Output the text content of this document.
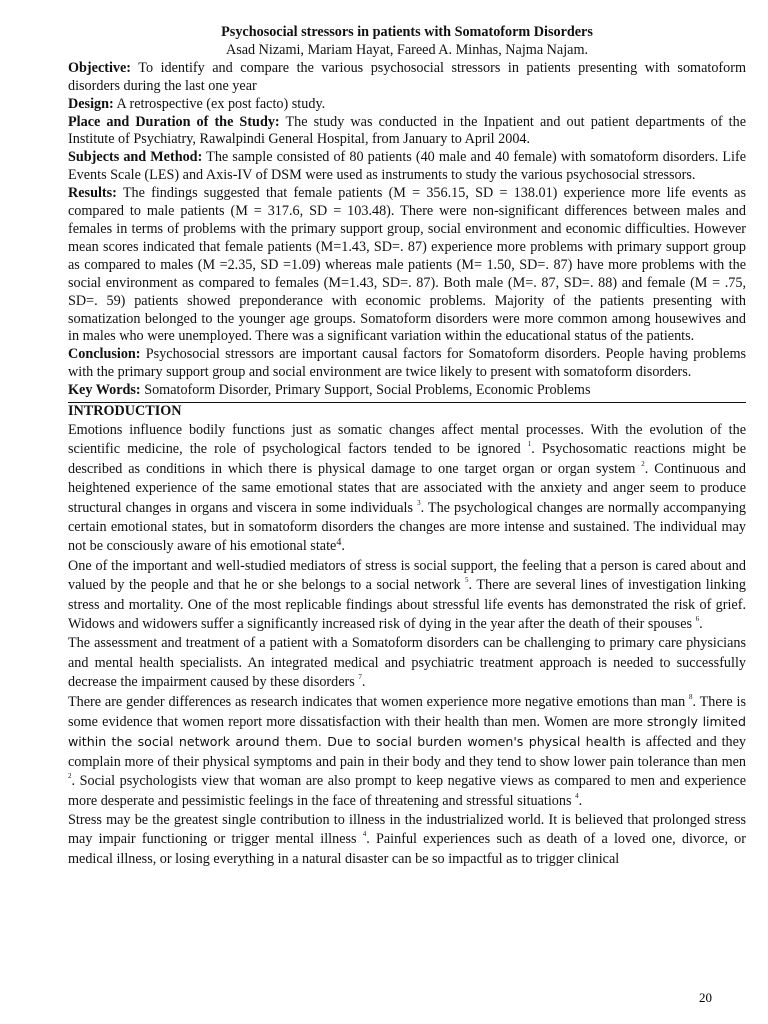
Psychosocial stressors in patients with Somatoform Disorders

Asad Nizami, Mariam Hayat, Fareed A. Minhas, Najma Najam.

Objective: To identify and compare the various psychosocial stressors in patients presenting with somatoform disorders during the last one year

Design: A retrospective (ex post facto) study.

Place and Duration of the Study: The study was conducted in the Inpatient and out patient departments of the Institute of Psychiatry, Rawalpindi General Hospital, from January to April 2004.

Subjects and Method: The sample consisted of 80 patients (40 male and 40 female) with somatoform disorders. Life Events Scale (LES) and Axis-IV of DSM were used as instruments to study the various psychosocial stressors.

Results: The findings suggested that female patients (M = 356.15, SD = 138.01) experience more life events as compared to male patients (M = 317.6, SD = 103.48). There were non-significant differences between males and females in terms of problems with the primary support group, social environment and economic difficulties. However mean scores indicated that female patients (M=1.43, SD=. 87) experience more problems with primary support group as compared to males (M =2.35, SD =1.09) whereas male patients (M= 1.50, SD=. 87) have more problems with the social environment as compared to females (M=1.43, SD=. 87). Both male (M=. 87, SD=. 88) and female (M = .75, SD=. 59) patients showed preponderance with economic problems. Majority of the patients presenting with somatization belonged to the younger age groups. Somatoform disorders were more common among housewives and in males who were unemployed. There was a significant variation within the educational status of the patients.

Conclusion: Psychosocial stressors are important causal factors for Somatoform disorders. People having problems with the primary support group and social environment are twice likely to present with somatoform disorders.

Key Words: Somatoform Disorder, Primary Support, Social Problems, Economic Problems

INTRODUCTION

Emotions influence bodily functions just as somatic changes affect mental processes. With the evolution of the scientific medicine, the role of psychological factors tended to be ignored $^1$. Psychosomatic reactions might be described as conditions in which there is physical damage to one target organ or organ system $^2$. Continuous and heightened experience of the same emotional states that are associated with the anxiety and anger seem to produce structural changes in organs and viscera in some individuals $^3$. The psychological changes are normally accompanying certain emotional states, but in somatoform disorders the changes are more intense and sustained. The individual may not be consciously aware of his emotional state$^4$.

One of the important and well-studied mediators of stress is social support, the feeling that a person is cared about and valued by the people and that he or she belongs to a social network $^5$. There are several lines of investigation linking stress and mortality. One of the most replicable findings about stressful life events has demonstrated the risk of grief. Widows and widowers suffer a significantly increased risk of dying in the year after the death of their spouses $^6$.

The assessment and treatment of a patient with a Somatoform disorders can be challenging to primary care physicians and mental health specialists. An integrated medical and psychiatric treatment approach is needed to successfully decrease the impairment caused by these disorders $^7$.

There are gender differences as research indicates that women experience more negative emotions than man $^8$. There is some evidence that women report more dissatisfaction with their health than men. Women are more strongly limited within the social network around them. Due to social burden women's physical health is affected and they complain more of their physical symptoms and pain in their body and they tend to show lower pain tolerance than men $^2$. Social psychologists view that woman are also prompt to keep negative views as compared to men and experience more desperate and pessimistic feelings in the face of threatening and stressful situations $^4$.

Stress may be the greatest single contribution to illness in the industrialized world. It is believed that prolonged stress may impair functioning or trigger mental illness $^4$. Painful experiences such as death of a loved one, divorce, or medical illness, or losing everything in a natural disaster can be so impactful as to trigger clinical

20
